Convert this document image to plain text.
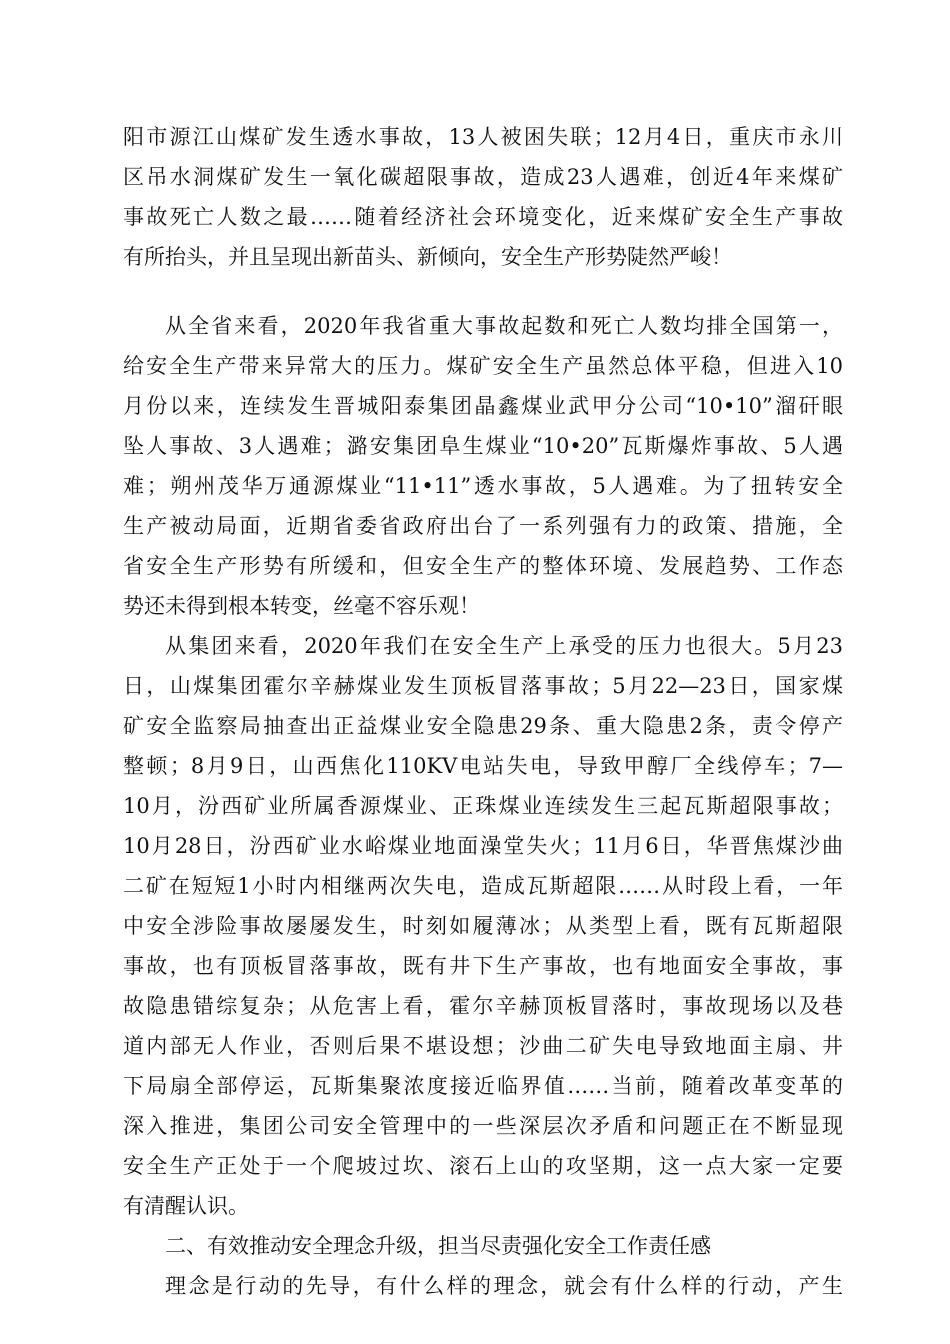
阳市源江山煤矿发生透水事故，13人被困失联；12月4日，重庆市永川
区吊水洞煤矿发生一氧化碳超限事故，造成23人遇难，创近4年来煤矿
事故死亡人数之最……随着经济社会环境变化，近来煤矿安全生产事故
有所抬头，并且呈现出新苗头、新倾向，安全生产形势陡然严峻！
从全省来看，2020年我省重大事故起数和死亡人数均排全国第一，
给安全生产带来异常大的压力。煤矿安全生产虽然总体平稳，但进入10
月份以来，连续发生晋城阳泰集团晶鑫煤业武甲分公司“10•10”溜矸眼
坠人事故、3人遇难；潞安集团阜生煤业“10•20”瓦斯爆炸事故、5人遇
难；朔州茂华万通源煤业“11•11”透水事故，5人遇难。为了扭转安全
生产被动局面，近期省委省政府出台了一系列强有力的政策、措施，全
省安全生产形势有所缓和，但安全生产的整体环境、发展趋势、工作态
势还未得到根本转变，丝毫不容乐观！
从集团来看，2020年我们在安全生产上承受的压力也很大。5月23
日，山煤集团霍尔辛赫煤业发生顶板冒落事故；5月22—23日，国家煤
矿安全监察局抽查出正益煤业安全隐患29条、重大隐患2条，责令停产
整顿；8月9日，山西焦化110KV电站失电，导致甲醇厂全线停车；7—
10月，汾西矿业所属香源煤业、正珠煤业连续发生三起瓦斯超限事故；
10月28日，汾西矿业水峪煤业地面澡堂失火；11月6日，华晋焦煤沙曲
二矿在短短1小时内相继两次失电，造成瓦斯超限……从时段上看，一年
中安全涉险事故屡屡发生，时刻如履薄冰；从类型上看，既有瓦斯超限
事故，也有顶板冒落事故，既有井下生产事故，也有地面安全事故，事
故隐患错综复杂；从危害上看，霍尔辛赫顶板冒落时，事故现场以及巷
道内部无人作业，否则后果不堪设想；沙曲二矿失电导致地面主扇、井
下局扇全部停运，瓦斯集聚浓度接近临界值……当前，随着改革变革的
深入推进，集团公司安全管理中的一些深层次矛盾和问题正在不断显现
安全生产正处于一个爬坡过坎、滚石上山的攻坚期，这一点大家一定要
有清醒认识。
二、有效推动安全理念升级，担当尽责强化安全工作责任感
理念是行动的先导，有什么样的理念，就会有什么样的行动，产生
